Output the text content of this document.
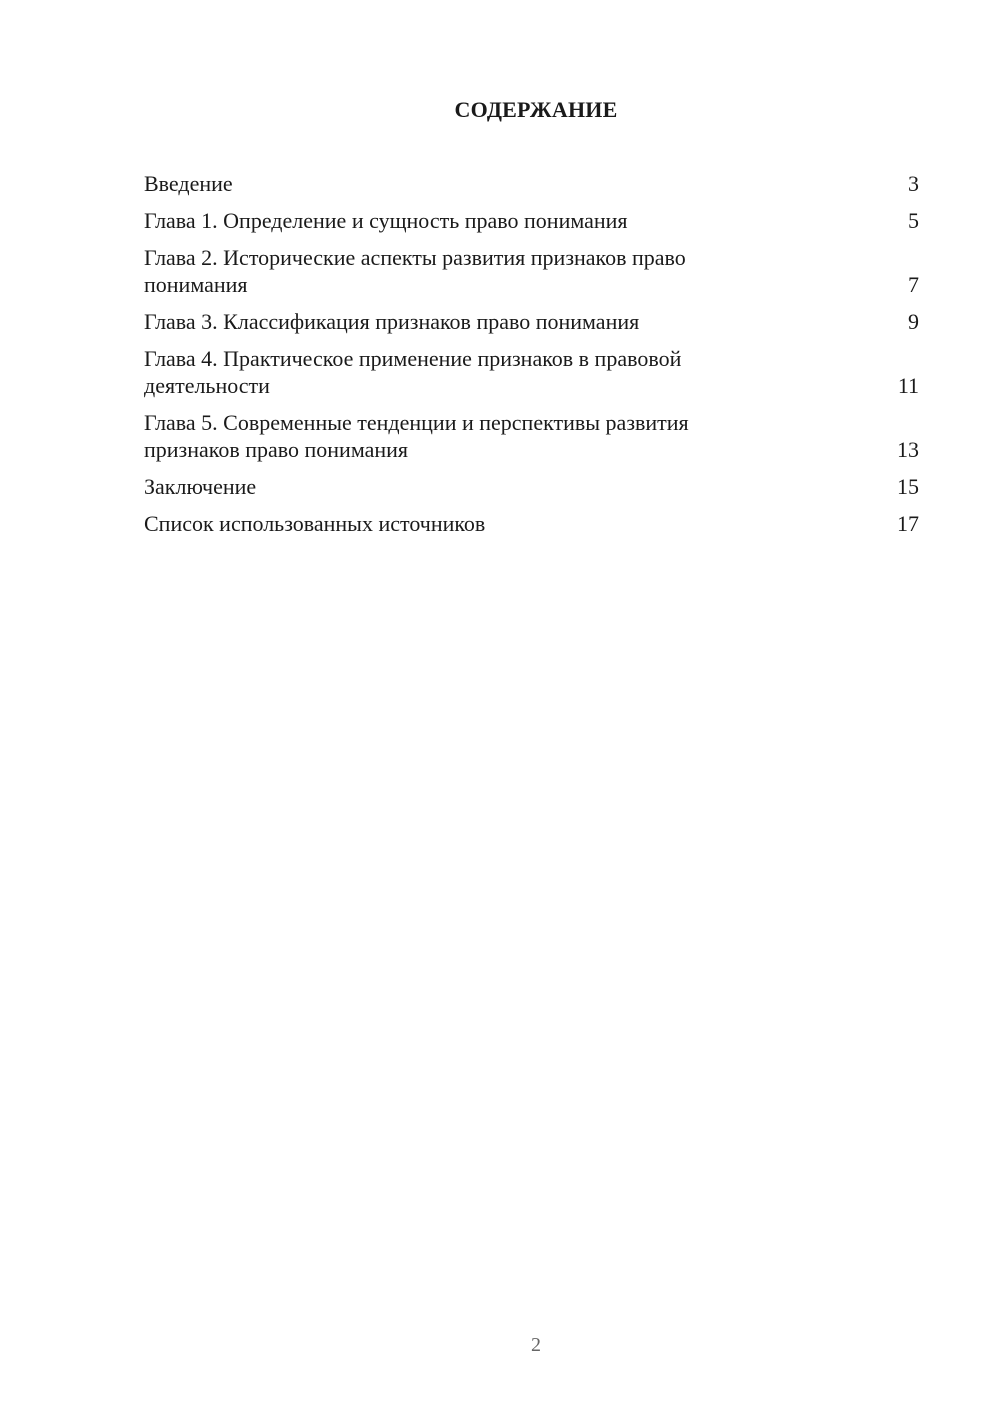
СОДЕРЖАНИЕ
Введение	3
Глава 1. Определение и сущность право понимания	5
Глава 2. Исторические аспекты развития признаков право понимания	7
Глава 3. Классификация признаков право понимания	9
Глава 4. Практическое применение признаков в правовой деятельности	11
Глава 5. Современные тенденции и перспективы развития признаков право понимания	13
Заключение	15
Список использованных источников	17
2
